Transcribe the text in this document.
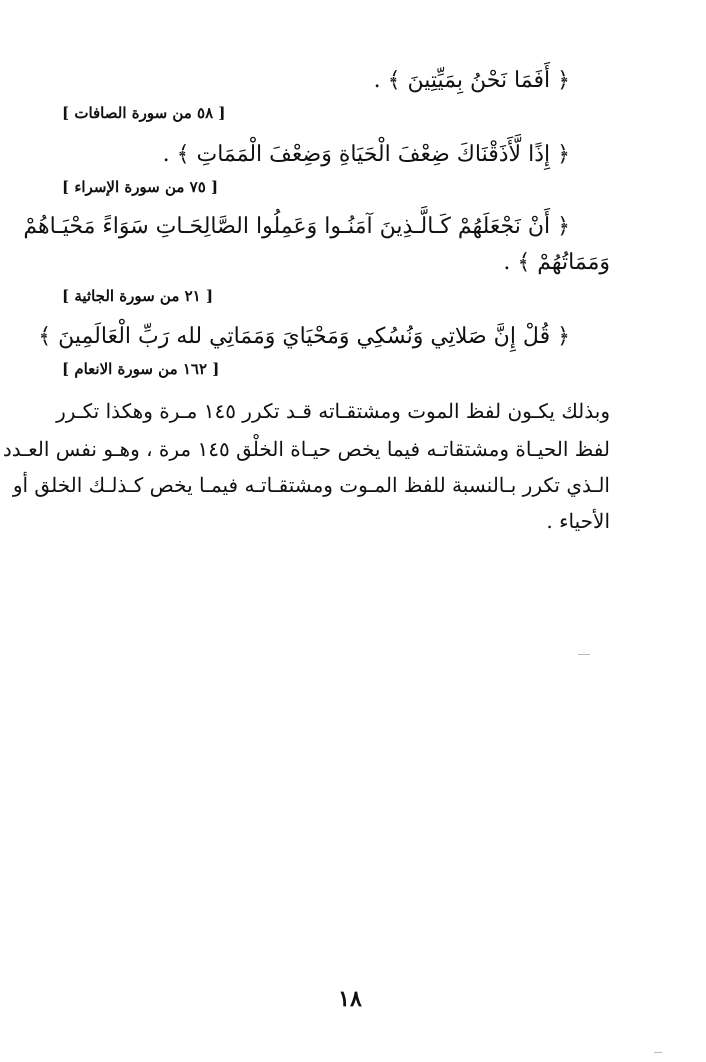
﴿ أَفَمَا نَحْنُ بِمَيِّتِينَ ﴾ .
[ ٥٨ من سورة الصافات ]
﴿ إِذًا لَّأَذَقْنَاكَ ضِعْفَ الْحَيَاةِ وَضِعْفَ الْمَمَاتِ ﴾ .
[ ٧٥ من سورة الإسراء ]
﴿ أَنْ نَجْعَلَهُمْ كَـالَّـذِينَ آمَنُـوا وَعَمِلُوا الصَّالِحَـاتِ سَوَاءً مَحْيَـاهُمْ
وَمَمَاتُهُمْ ﴾ .
[ ٢١ من سورة الجاثية ]
﴿ قُلْ إِنَّ صَلاتِي وَنُسُكِي وَمَحْيَايَ وَمَمَاتِي لله رَبِّ الْعَالَمِينَ ﴾
[ ١٦٢ من سورة الانعام ]
وبذلك يكـون لفظ الموت ومشتقـاته قـد تكرر ١٤٥ مـرة وهكذا تكـرر
لفظ الحيـاة ومشتقاتـه فيما يخص حيـاة الخلْق ١٤٥ مرة ، وهـو نفس العـدد
الـذي تكرر بـالنسبة للفظ المـوت ومشتقـاتـه فيمـا يخص كـذلـك الخلق أو
الأحياء .
١٨
